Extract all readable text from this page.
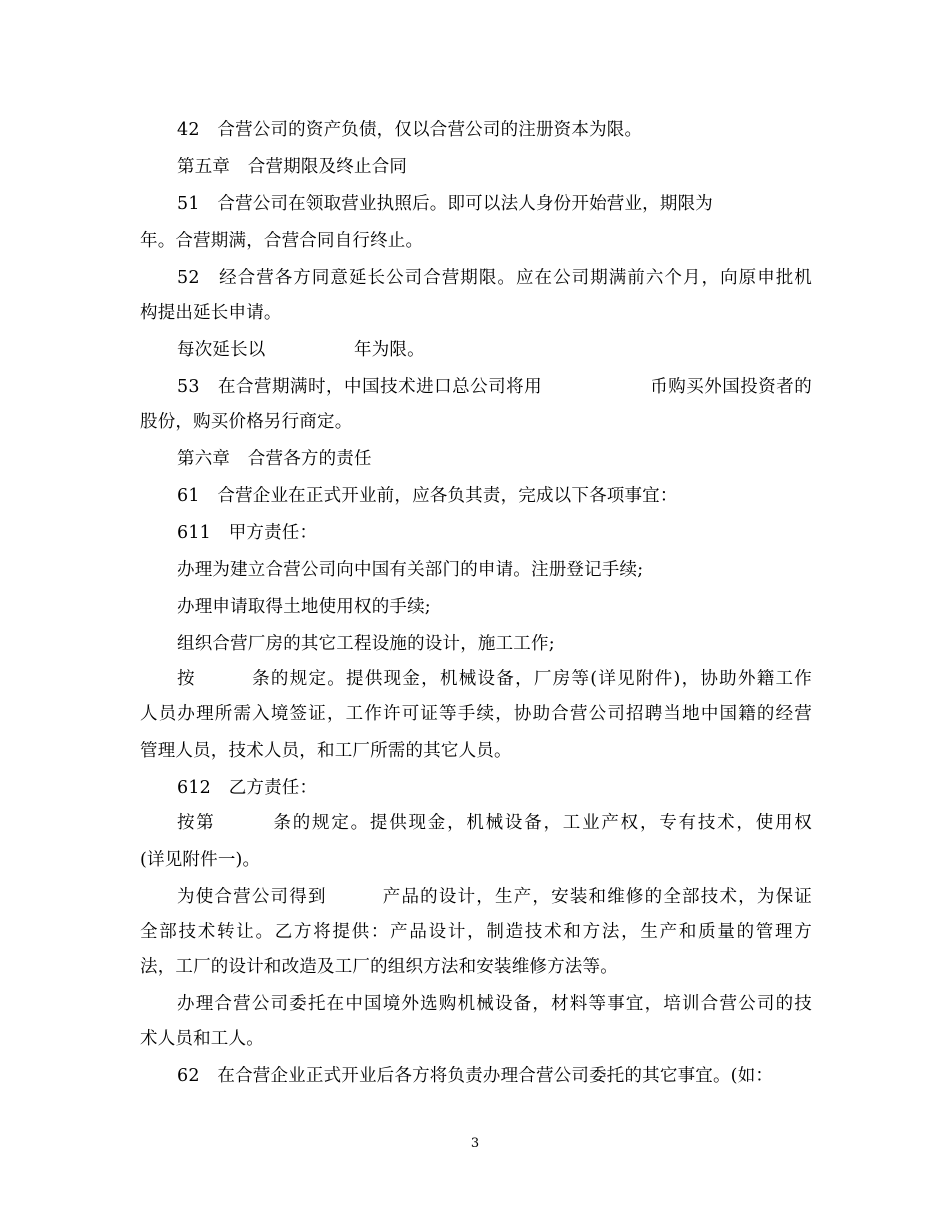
42　合营公司的资产负债，仅以合营公司的注册资本为限。
第五章　合营期限及终止合同
51　合营公司在领取营业执照后。即可以法人身份开始营业，期限为
年。合营期满，合营合同自行终止。
52　经合营各方同意延长公司合营期限。应在公司期满前六个月，向原申批机
构提出延长申请。
每次延长以　　　　　年为限。
53　在合营期满时，中国技术进口总公司将用　　　　　　币购买外国投资者的
股份，购买价格另行商定。
第六章　合营各方的责任
61　合营企业在正式开业前，应各负其责，完成以下各项事宜：
611　甲方责任：
办理为建立合营公司向中国有关部门的申请。注册登记手续;
办理申请取得土地使用权的手续;
组织合营厂房的其它工程设施的设计，施工工作;
按　　　条的规定。提供现金，机械设备，厂房等(详见附件)，协助外籍工作
人员办理所需入境签证，工作许可证等手续，协助合营公司招聘当地中国籍的经营
管理人员，技术人员，和工厂所需的其它人员。
612　乙方责任：
按第　　　条的规定。提供现金，机械设备，工业产权，专有技术，使用权
(详见附件一)。
为使合营公司得到　　　产品的设计，生产，安装和维修的全部技术，为保证
全部技术转让。乙方将提供：产品设计，制造技术和方法，生产和质量的管理方
法，工厂的设计和改造及工厂的组织方法和安装维修方法等。
办理合营公司委托在中国境外选购机械设备，材料等事宜，培训合营公司的技
术人员和工人。
62　在合营企业正式开业后各方将负责办理合营公司委托的其它事宜。(如：
3
